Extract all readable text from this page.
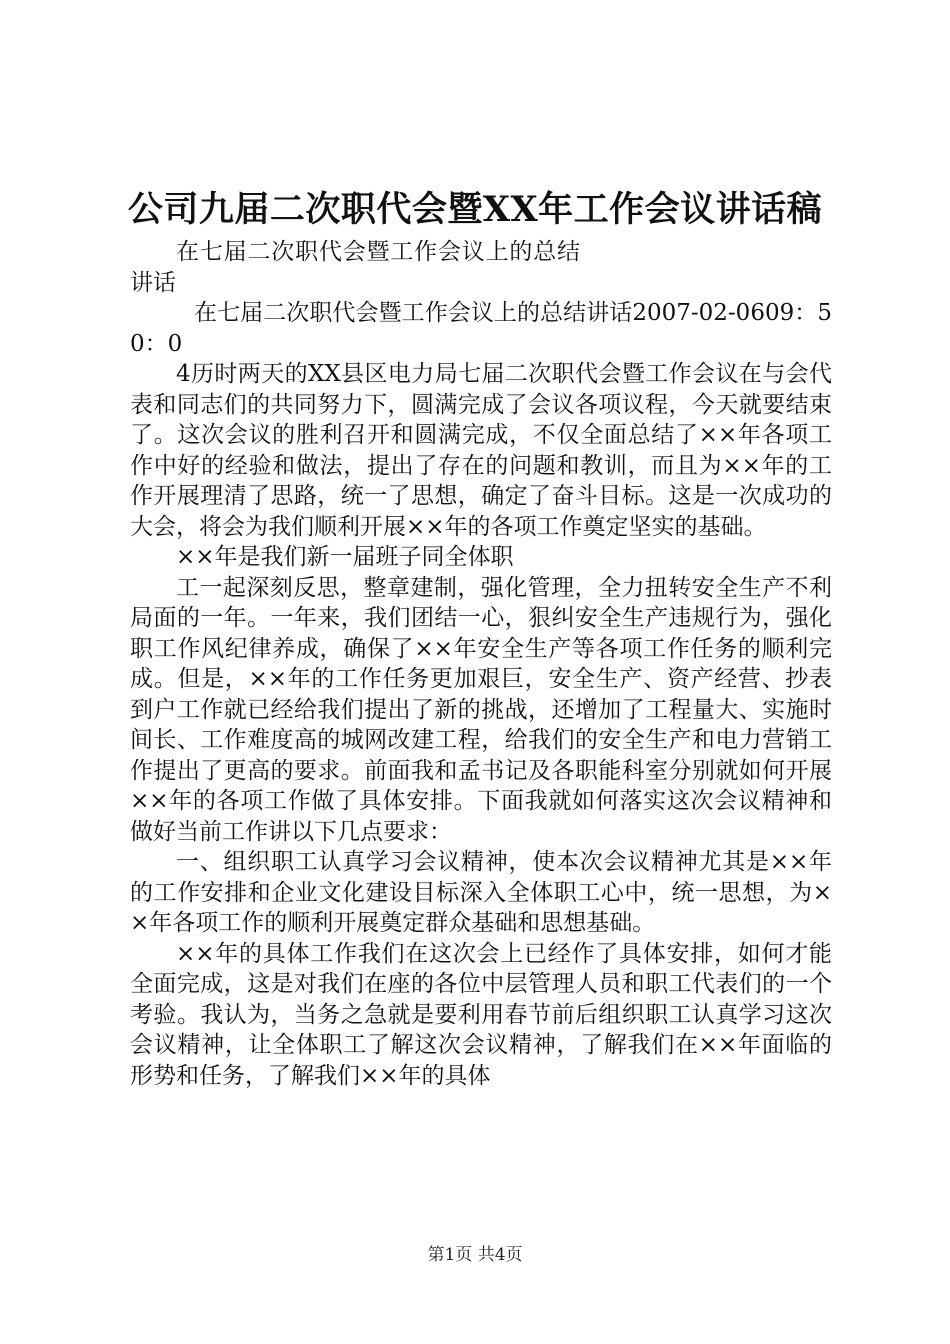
公司九届二次职代会暨XX年工作会议讲话稿

在七届二次职代会暨工作会议上的总结讲话

在七届二次职代会暨工作会议上的总结讲话2007-02-0609：50：0

4历时两天的XX县区电力局七届二次职代会暨工作会议在与会代表和同志们的共同努力下，圆满完成了会议各项议程，今天就要结束了。这次会议的胜利召开和圆满完成，不仅全面总结了××年各项工作中好的经验和做法，提出了存在的问题和教训，而且为××年的工作开展理清了思路，统一了思想，确定了奋斗目标。这是一次成功的大会，将会为我们顺利开展××年的各项工作奠定坚实的基础。

××年是我们新一届班子同全体职

工一起深刻反思，整章建制，强化管理，全力扭转安全生产不利局面的一年。一年来，我们团结一心，狠纠安全生产违规行为，强化职工作风纪律养成，确保了××年安全生产等各项工作任务的顺利完成。但是，××年的工作任务更加艰巨，安全生产、资产经营、抄表到户工作就已经给我们提出了新的挑战，还增加了工程量大、实施时间长、工作难度高的城网改建工程，给我们的安全生产和电力营销工作提出了更高的要求。前面我和孟书记及各职能科室分别就如何开展××年的各项工作做了具体安排。下面我就如何落实这次会议精神和做好当前工作讲以下几点要求：

一、组织职工认真学习会议精神，使本次会议精神尤其是××年的工作安排和企业文化建设目标深入全体职工心中，统一思想，为××年各项工作的顺利开展奠定群众基础和思想基础。

××年的具体工作我们在这次会上已经作了具体安排，如何才能全面完成，这是对我们在座的各位中层管理人员和职工代表们的一个考验。我认为，当务之急就是要利用春节前后组织职工认真学习这次会议精神，让全体职工了解这次会议精神，了解我们在××年面临的形势和任务，了解我们××年的具体

第1页 共4页
